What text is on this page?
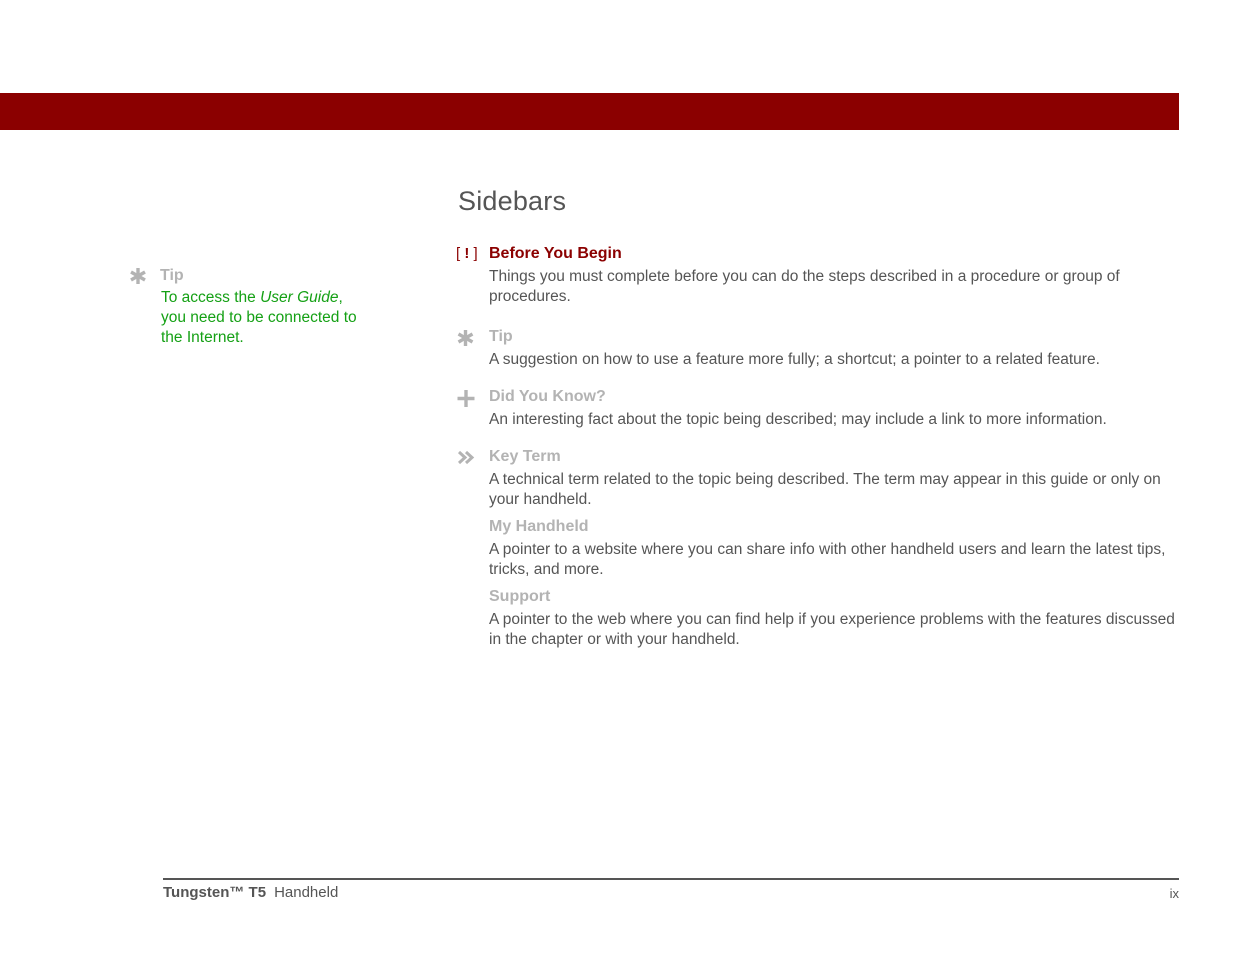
Sidebars
Tip
To access the User Guide, you need to be connected to the Internet.
[ ! ] Before You Begin
Things you must complete before you can do the steps described in a procedure or group of procedures.
Tip
A suggestion on how to use a feature more fully; a shortcut; a pointer to a related feature.
Did You Know?
An interesting fact about the topic being described; may include a link to more information.
Key Term
A technical term related to the topic being described. The term may appear in this guide or only on your handheld.
My Handheld
A pointer to a website where you can share info with other handheld users and learn the latest tips, tricks, and more.
Support
A pointer to the web where you can find help if you experience problems with the features discussed in the chapter or with your handheld.
Tungsten™ T5 Handheld	ix
